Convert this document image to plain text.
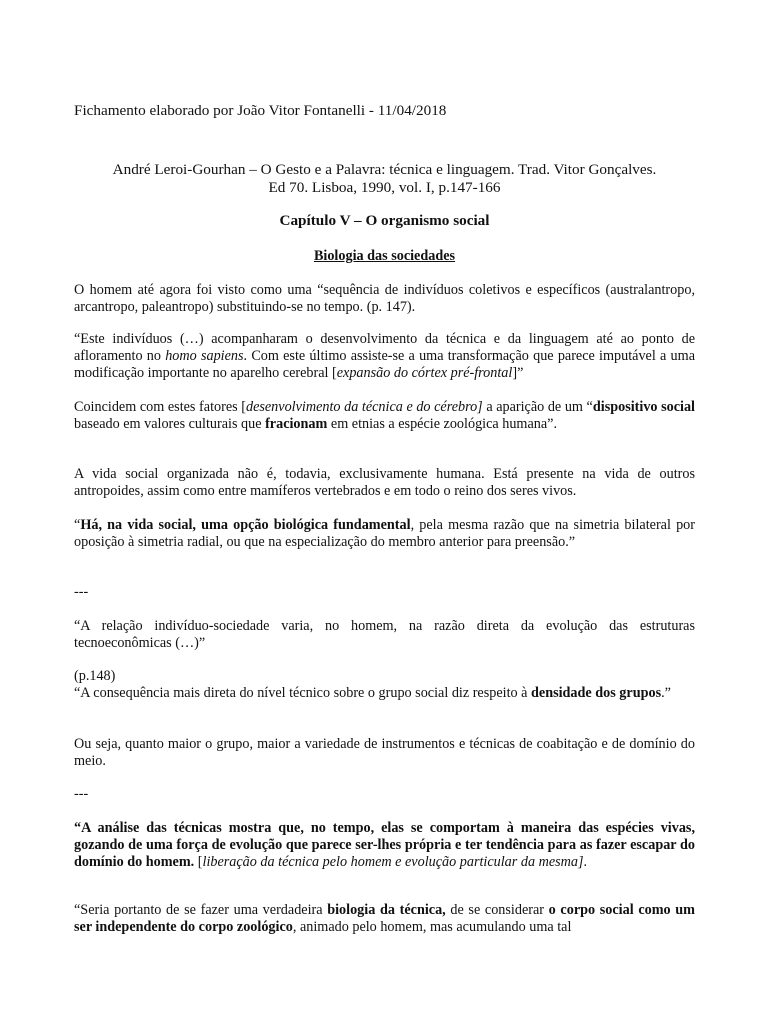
Fichamento elaborado por João Vitor Fontanelli - 11/04/2018

André Leroi-Gourhan – O Gesto e a Palavra: técnica e linguagem. Trad. Vitor Gonçalves.
Ed 70. Lisboa, 1990, vol. I, p.147-166

Capítulo V – O organismo social

Biologia das sociedades

O homem até agora foi visto como uma “sequência de indivíduos coletivos e específicos (australantropo, arcantropo, paleantropo) substituindo-se no tempo. (p. 147).

“Este indivíduos (…) acompanharam o desenvolvimento da técnica e da linguagem até ao ponto de afloramento no homo sapiens. Com este último assiste-se a uma transformação que parece imputável a uma modificação importante no aparelho cerebral [expansão do córtex pré-frontal]”

Coincidem com estes fatores [desenvolvimento da técnica e do cérebro] a aparição de um “dispositivo social baseado em valores culturais que fracionam em etnias a espécie zoológica humana”.

A vida social organizada não é, todavia, exclusivamente humana. Está presente na vida de outros antropoides, assim como entre mamíferos vertebrados e em todo o reino dos seres vivos.

“Há, na vida social, uma opção biológica fundamental, pela mesma razão que na simetria bilateral por oposição à simetria radial, ou que na especialização do membro anterior para preensão.”

---

“A relação indivíduo-sociedade varia, no homem, na razão direta da evolução das estruturas tecnoeconômicas (…)”

(p.148)
“A consequência mais direta do nível técnico sobre o grupo social diz respeito à densidade dos grupos.”

Ou seja, quanto maior o grupo, maior a variedade de instrumentos e técnicas de coabitação e de domínio do meio.

---

“A análise das técnicas mostra que, no tempo, elas se comportam à maneira das espécies vivas, gozando de uma força de evolução que parece ser-lhes própria e ter tendência para as fazer escapar do domínio do homem. [liberação da técnica pelo homem e evolução particular da mesma].

“Seria portanto de se fazer uma verdadeira biologia da técnica, de se considerar o corpo social como um ser independente do corpo zoológico, animado pelo homem, mas acumulando uma tal
